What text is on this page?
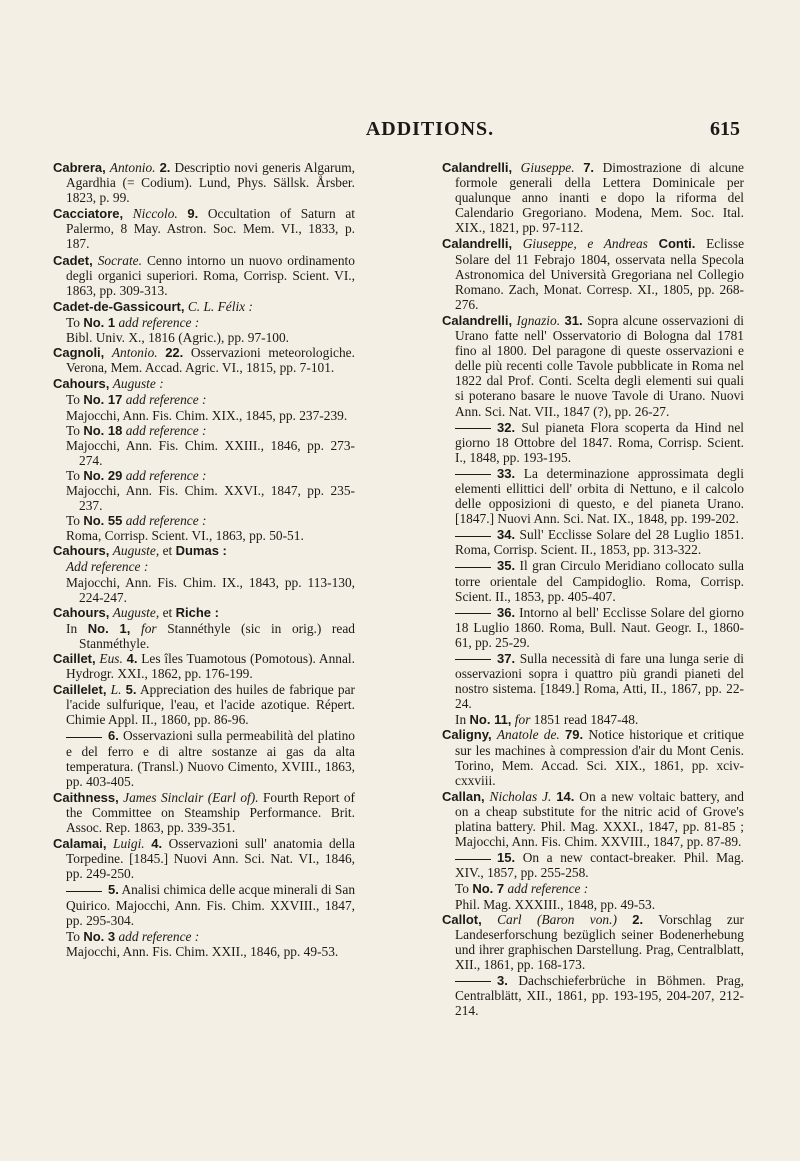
ADDITIONS.	615

Cabrera, Antonio. 2. Descriptio novi generis Algarum, Agardhia (= Codium). Lund, Phys. Sällsk. Årsber. 1823, p. 99.

Cacciatore, Niccolo. 9. Occultation of Saturn at Palermo, 8 May. Astron. Soc. Mem. VI., 1833, p. 187.

Cadet, Socrate. Cenno intorno un nuovo ordinamento degli organici superiori. Roma, Corrisp. Scient. VI., 1863, pp. 309-313.

Cadet-de-Gassicourt, C. L. Félix :

To No. 1 add reference :

Bibl. Univ. X., 1816 (Agric.), pp. 97-100.

Cagnoli, Antonio. 22. Osservazioni meteorologiche. Verona, Mem. Accad. Agric. VI., 1815, pp. 7-101.

Cahours, Auguste :

To No. 17 add reference :

Majocchi, Ann. Fis. Chim. XIX., 1845, pp. 237-239.

To No. 18 add reference :

Majocchi, Ann. Fis. Chim. XXIII., 1846, pp. 273-274.

To No. 29 add reference :

Majocchi, Ann. Fis. Chim. XXVI., 1847, pp. 235-237.

To No. 55 add reference :

Roma, Corrisp. Scient. VI., 1863, pp. 50-51.

Cahours, Auguste, et Dumas :

Add reference :

Majocchi, Ann. Fis. Chim. IX., 1843, pp. 113-130, 224-247.

Cahours, Auguste, et Riche :

In No. 1, for Stannéthyle (sic in orig.) read Stanméthyle.

Caillet, Eus. 4. Les îles Tuamotous (Pomotous). Annal. Hydrogr. XXI., 1862, pp. 176-199.

Caillelet, L. 5. Appreciation des huiles de fabrique par l'acide sulfurique, l'eau, et l'acide azotique. Répert. Chimie Appl. II., 1860, pp. 86-96.

6. Osservazioni sulla permeabilità del platino e del ferro e di altre sostanze ai gas da alta temperatura. (Transl.) Nuovo Cimento, XVIII., 1863, pp. 403-405.

Caithness, James Sinclair (Earl of). Fourth Report of the Committee on Steamship Performance. Brit. Assoc. Rep. 1863, pp. 339-351.

Calamai, Luigi. 4. Osservazioni sull' anatomia della Torpedine. [1845.] Nuovi Ann. Sci. Nat. VI., 1846, pp. 249-250.

5. Analisi chimica delle acque minerali di San Quirico. Majocchi, Ann. Fis. Chim. XXVIII., 1847, pp. 295-304.

To No. 3 add reference :

Majocchi, Ann. Fis. Chim. XXII., 1846, pp. 49-53.

Calandrelli, Giuseppe. 7. Dimostrazione di alcune formole generali della Lettera Dominicale per qualunque anno inanti e dopo la riforma del Calendario Gregoriano. Modena, Mem. Soc. Ital. XIX., 1821, pp. 97-112.

Calandrelli, Giuseppe, e Andreas Conti. Eclisse Solare del 11 Febrajo 1804, osservata nella Specola Astronomica del Università Gregoriana nel Collegio Romano. Zach, Monat. Corresp. XI., 1805, pp. 268-276.

Calandrelli, Ignazio. 31. Sopra alcune osservazioni di Urano fatte nell' Osservatorio di Bologna dal 1781 fino al 1800. Del paragone di queste osservazioni e delle più recenti colle Tavole pubblicate in Roma nel 1822 dal Prof. Conti. Scelta degli elementi sui quali si poterano basare le nuove Tavole di Urano. Nuovi Ann. Sci. Nat. VII., 1847 (?), pp. 26-27.

32. Sul pianeta Flora scoperta da Hind nel giorno 18 Ottobre del 1847. Roma, Corrisp. Scient. I., 1848, pp. 193-195.

33. La determinazione approssimata degli elementi ellittici dell' orbita di Nettuno, e il calcolo delle opposizioni di questo, e del pianeta Urano. [1847.] Nuovi Ann. Sci. Nat. IX., 1848, pp. 199-202.

34. Sull' Ecclisse Solare del 28 Luglio 1851. Roma, Corrisp. Scient. II., 1853, pp. 313-322.

35. Il gran Circulo Meridiano collocato sulla torre orientale del Campidoglio. Roma, Corrisp. Scient. II., 1853, pp. 405-407.

36. Intorno al bell' Ecclisse Solare del giorno 18 Luglio 1860. Roma, Bull. Naut. Geogr. I., 1860-61, pp. 25-29.

37. Sulla necessità di fare una lunga serie di osservazioni sopra i quattro più grandi pianeti del nostro sistema. [1849.] Roma, Atti, II., 1867, pp. 22-24.

In No. 11, for 1851 read 1847-48.

Caligny, Anatole de. 79. Notice historique et critique sur les machines à compression d'air du Mont Cenis. Torino, Mem. Accad. Sci. XIX., 1861, pp. xciv-cxxviii.

Callan, Nicholas J. 14. On a new voltaic battery, and on a cheap substitute for the nitric acid of Grove's platina battery. Phil. Mag. XXXI., 1847, pp. 81-85 ; Majocchi, Ann. Fis. Chim. XXVIII., 1847, pp. 87-89.

15. On a new contact-breaker. Phil. Mag. XIV., 1857, pp. 255-258.

To No. 7 add reference :

Phil. Mag. XXXIII., 1848, pp. 49-53.

Callot, Carl (Baron von.) 2. Vorschlag zur Landeserforschung bezüglich seiner Bodenerhebung und ihrer graphischen Darstellung. Prag, Centralblatt, XII., 1861, pp. 168-173.

3. Dachschieferbrüche in Böhmen. Prag, Centralblätt, XII., 1861, pp. 193-195, 204-207, 212-214.
